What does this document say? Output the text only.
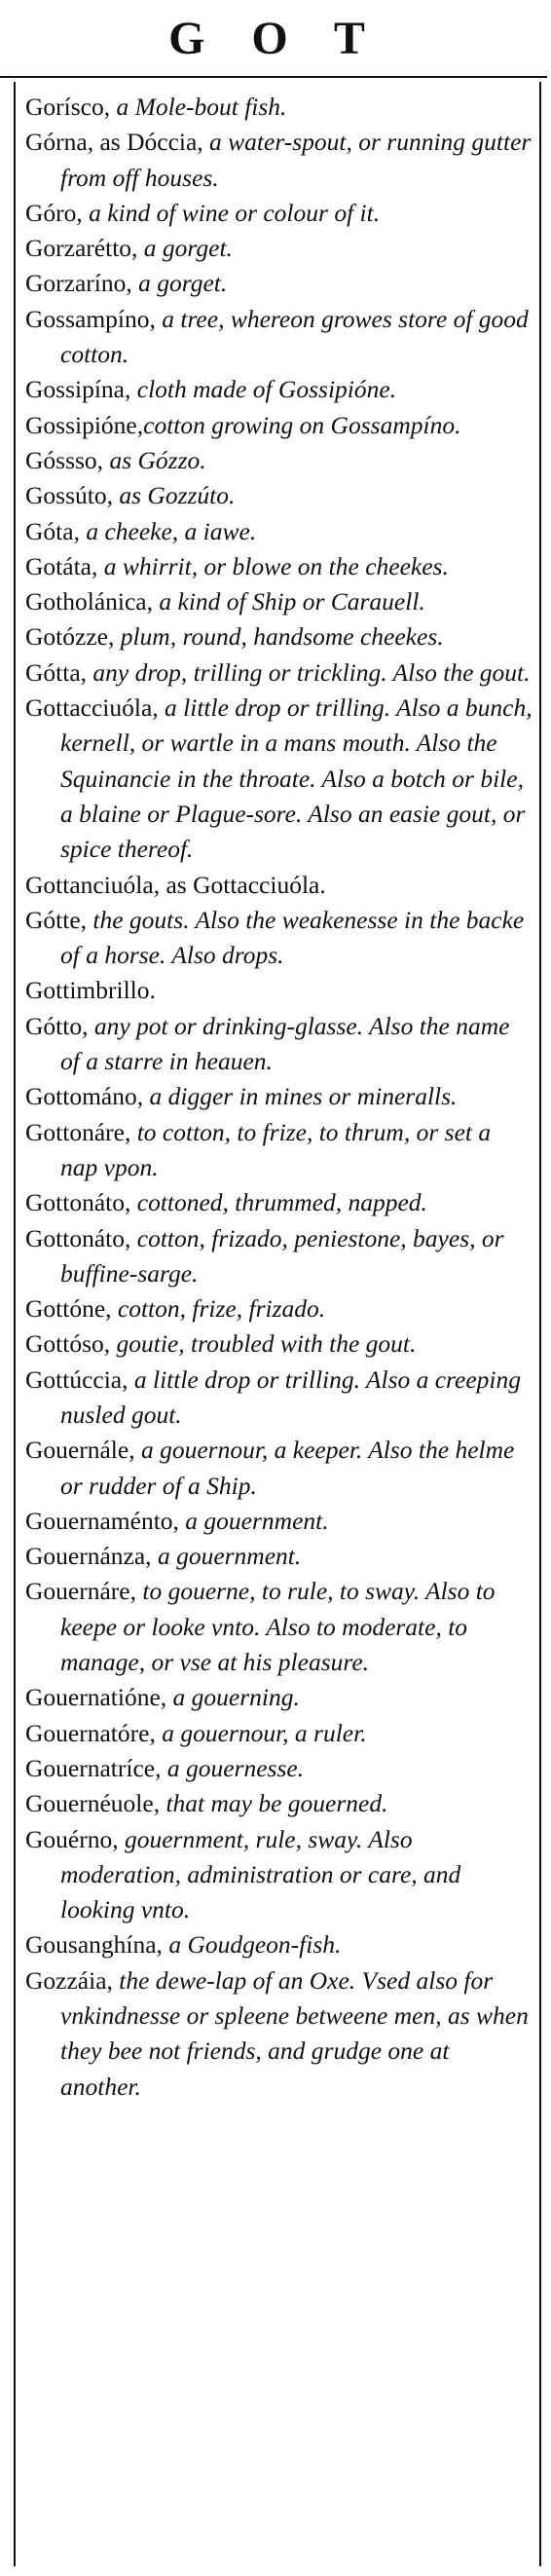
G O T

Gorísco, a Mole-bout fish.

Górna, as Dóccia, a water-spout, or running gutter from off houses.

Góro, a kind of wine or colour of it.

Gorzarétto, a gorget.

Gorzaríno, a gorget.

Gossampíno, a tree, whereon growes store of good cotton.

Gossipína, cloth made of Gossipióne.

Gossipióne,cotton growing on Gossampíno.

Góssso, as Gózzo.

Gossúto, as Gozzúto.

Góta, a cheeke, a iawe.

Gotáta, a whirrit, or blowe on the cheekes.

Gotholánica, a kind of Ship or Carauell.

Gotózze, plum, round, handsome cheekes.

Gótta, any drop, trilling or trickling. Also the gout.

Gottacciuóla, a little drop or trilling. Also a bunch, kernell, or wartle in a mans mouth. Also the Squinancie in the throate. Also a botch or bile, a blaine or Plague-sore. Also an easie gout, or spice thereof.

Gottanciuóla, as Gottacciuóla.

Gótte, the gouts. Also the weakenesse in the backe of a horse. Also drops.

Gottimbrillo.

Gótto, any pot or drinking-glasse. Also the name of a starre in heauen.

Gottománo, a digger in mines or mineralls.

Gottonáre, to cotton, to frize, to thrum, or set a nap vpon.

Gottonáto, cottoned, thrummed, napped.

Gottonáto, cotton, frizado, peniestone, bayes, or buffine-sarge.

Gottóne, cotton, frize, frizado.

Gottóso, goutie, troubled with the gout.

Gottúccia, a little drop or trilling. Also a creeping nusled gout.

Gouernále, a gouernour, a keeper. Also the helme or rudder of a Ship.

Gouernaménto, a gouernment.

Gouernánza, a gouernment.

Gouernáre, to gouerne, to rule, to sway. Also to keepe or looke vnto. Also to moderate, to manage, or vse at his pleasure.

Gouernatióne, a gouerning.

Gouernatóre, a gouernour, a ruler.

Gouernatríce, a gouernesse.

Gouernéuole, that may be gouerned.

Gouérno, gouernment, rule, sway. Also moderation, administration or care, and looking vnto.

Gousanghína, a Goudgeon-fish.

Gozzáia, the dewe-lap of an Oxe. Vsed also for vnkindnesse or spleene betweene men, as when they bee not friends, and grudge one at another.
